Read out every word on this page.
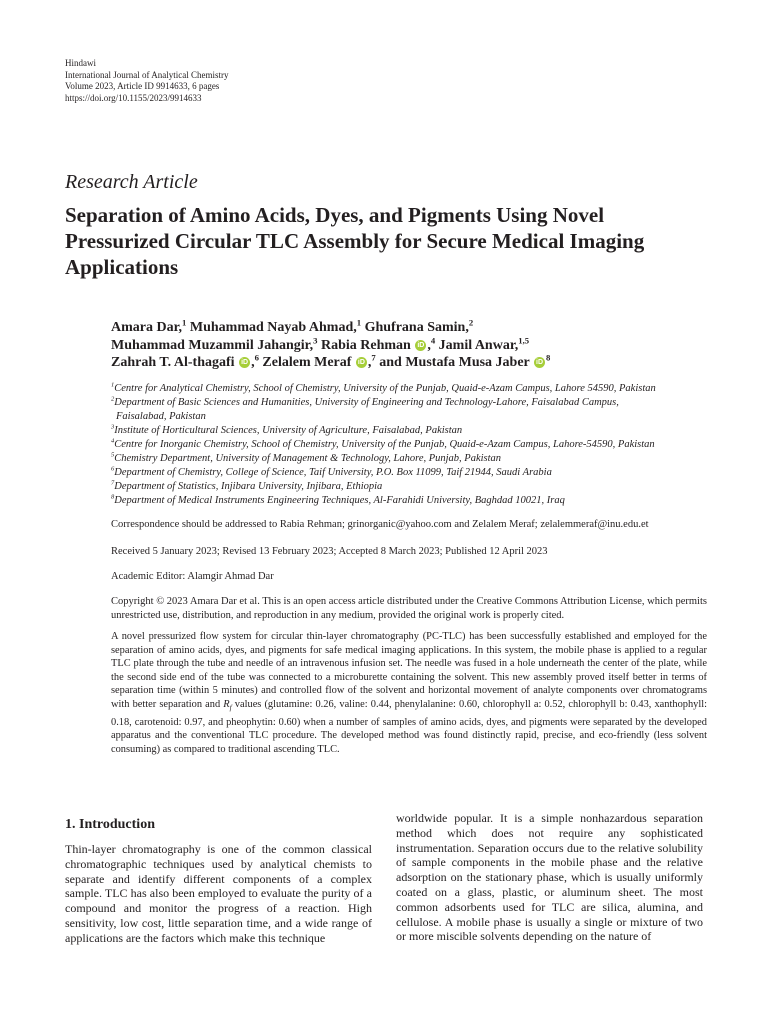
Hindawi
International Journal of Analytical Chemistry
Volume 2023, Article ID 9914633, 6 pages
https://doi.org/10.1155/2023/9914633
Research Article
Separation of Amino Acids, Dyes, and Pigments Using Novel Pressurized Circular TLC Assembly for Secure Medical Imaging Applications
Amara Dar,$^1$ Muhammad Nayab Ahmad,$^1$ Ghufrana Samin,$^2$
Muhammad Muzammil Jahangir,$^3$ Rabia Rehman iD ,$^4$ Jamil Anwar,$^{1,5}$
Zahrah T. Al-thagafi iD ,$^6$ Zelalem Meraf iD ,$^7$ and Mustafa Musa Jaber $iD^8$
$^1$Centre for Analytical Chemistry, School of Chemistry, University of the Punjab, Quaid-e-Azam Campus, Lahore 54590, Pakistan
$^2$Department of Basic Sciences and Humanities, University of Engineering and Technology-Lahore, Faisalabad Campus,
Faisalabad, Pakistan
$^3$Institute of Horticultural Sciences, University of Agriculture, Faisalabad, Pakistan
$^4$Centre for Inorganic Chemistry, School of Chemistry, University of the Punjab, Quaid-e-Azam Campus, Lahore-54590, Pakistan
$^5$Chemistry Department, University of Management & Technology, Lahore, Punjab, Pakistan
$^6$Department of Chemistry, College of Science, Taif University, P.O. Box 11099, Taif 21944, Saudi Arabia
$^7$Department of Statistics, Injibara University, Injibara, Ethiopia
$^8$Department of Medical Instruments Engineering Techniques, Al-Farahidi University, Baghdad 10021, Iraq
Correspondence should be addressed to Rabia Rehman; grinorganic@yahoo.com and Zelalem Meraf; zelalemmeraf@inu.edu.et
Received 5 January 2023; Revised 13 February 2023; Accepted 8 March 2023; Published 12 April 2023
Academic Editor: Alamgir Ahmad Dar
Copyright © 2023 Amara Dar et al. This is an open access article distributed under the Creative Commons Attribution License, which permits unrestricted use, distribution, and reproduction in any medium, provided the original work is properly cited.
A novel pressurized flow system for circular thin-layer chromatography (PC-TLC) has been successfully established and employed for the separation of amino acids, dyes, and pigments for safe medical imaging applications. In this system, the mobile phase is applied to a regular TLC plate through the tube and needle of an intravenous infusion set. The needle was fused in a hole underneath the center of the plate, while the second side end of the tube was connected to a microburette containing the solvent. This new assembly proved itself better in terms of separation time (within 5 minutes) and controlled flow of the solvent and horizontal movement of analyte components over chromatograms with better separation and $R_f$ values (glutamine: 0.26, valine: 0.44, phenylalanine: 0.60, chlorophyll a: 0.52, chlorophyll b: 0.43, xanthophyll: 0.18, carotenoid: 0.97, and pheophytin: 0.60) when a number of samples of amino acids, dyes, and pigments were separated by the developed apparatus and the conventional TLC procedure. The developed method was found distinctly rapid, precise, and eco-friendly (less solvent consuming) as compared to traditional ascending TLC.
1. Introduction
Thin-layer chromatography is one of the common classical chromatographic techniques used by analytical chemists to separate and identify different components of a complex sample. TLC has also been employed to evaluate the purity of a compound and monitor the progress of a reaction. High sensitivity, low cost, little separation time, and a wide range of applications are the factors which make this technique
worldwide popular. It is a simple nonhazardous separation method which does not require any sophisticated instrumentation. Separation occurs due to the relative solubility of sample components in the mobile phase and the relative adsorption on the stationary phase, which is usually uniformly coated on a glass, plastic, or aluminum sheet. The most common adsorbents used for TLC are silica, alumina, and cellulose. A mobile phase is usually a single or mixture of two or more miscible solvents depending on the nature of
